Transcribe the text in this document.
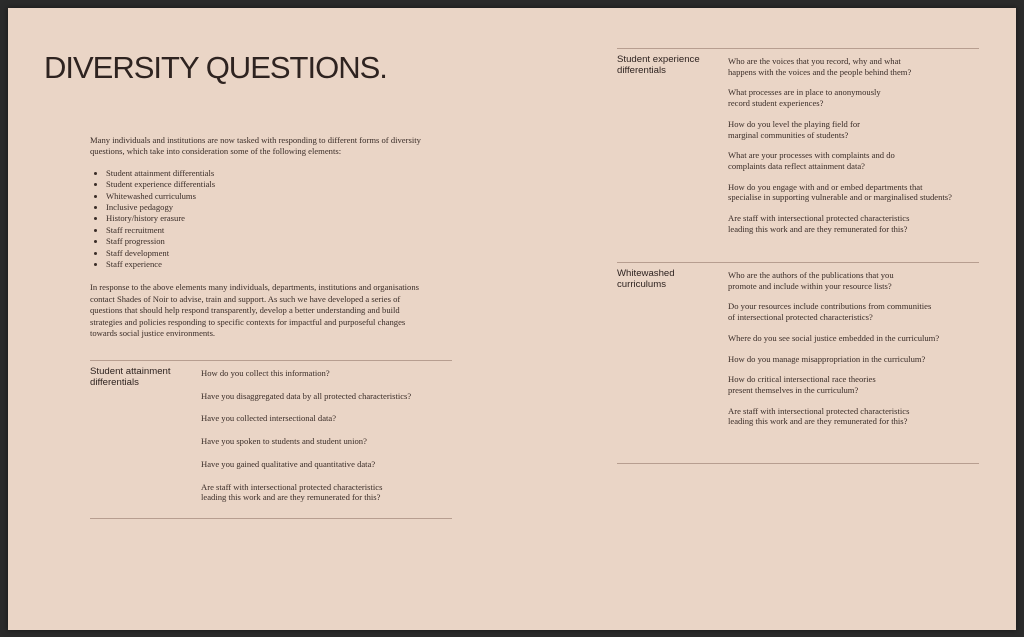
DIVERSITY QUESTIONS.

Many individuals and institutions are now tasked with responding to different forms of diversity questions, which take into consideration some of the following elements:

• Student attainment differentials
• Student experience differentials
• Whitewashed curriculums
• Inclusive pedagogy
• History/history erasure
• Staff recruitment
• Staff progression
• Staff development
• Staff experience

In response to the above elements many individuals, departments, institutions and organisations contact Shades of Noir to advise, train and support. As such we have developed a series of questions that should help respond transparently, develop a better understanding and build strategies and policies responding to specific contexts for impactful and purposeful changes towards social justice environments.

Student attainment differentials

How do you collect this information?

Have you disaggregated data by all protected characteristics?

Have you collected intersectional data?

Have you spoken to students and student union?

Have you gained qualitative and quantitative data?

Are staff with intersectional protected characteristics
leading this work and are they remunerated for this?

Student experience differentials

Who are the voices that you record, why and what
happens with the voices and the people behind them?

What processes are in place to anonymously
record student experiences?

How do you level the playing field for
marginal communities of students?

What are your processes with complaints and do
complaints data reflect attainment data?

How do you engage with and or embed departments that
specialise in supporting vulnerable and or marginalised students?

Are staff with intersectional protected characteristics
leading this work and are they remunerated for this?

Whitewashed curriculums

Who are the authors of the publications that you
promote and include within your resource lists?

Do your resources include contributions from communities
of intersectional protected characteristics?

Where do you see social justice embedded in the curriculum?

How do you manage misappropriation in the curriculum?

How do critical intersectional race theories
present themselves in the curriculum?

Are staff with intersectional protected characteristics
leading this work and are they remunerated for this?
